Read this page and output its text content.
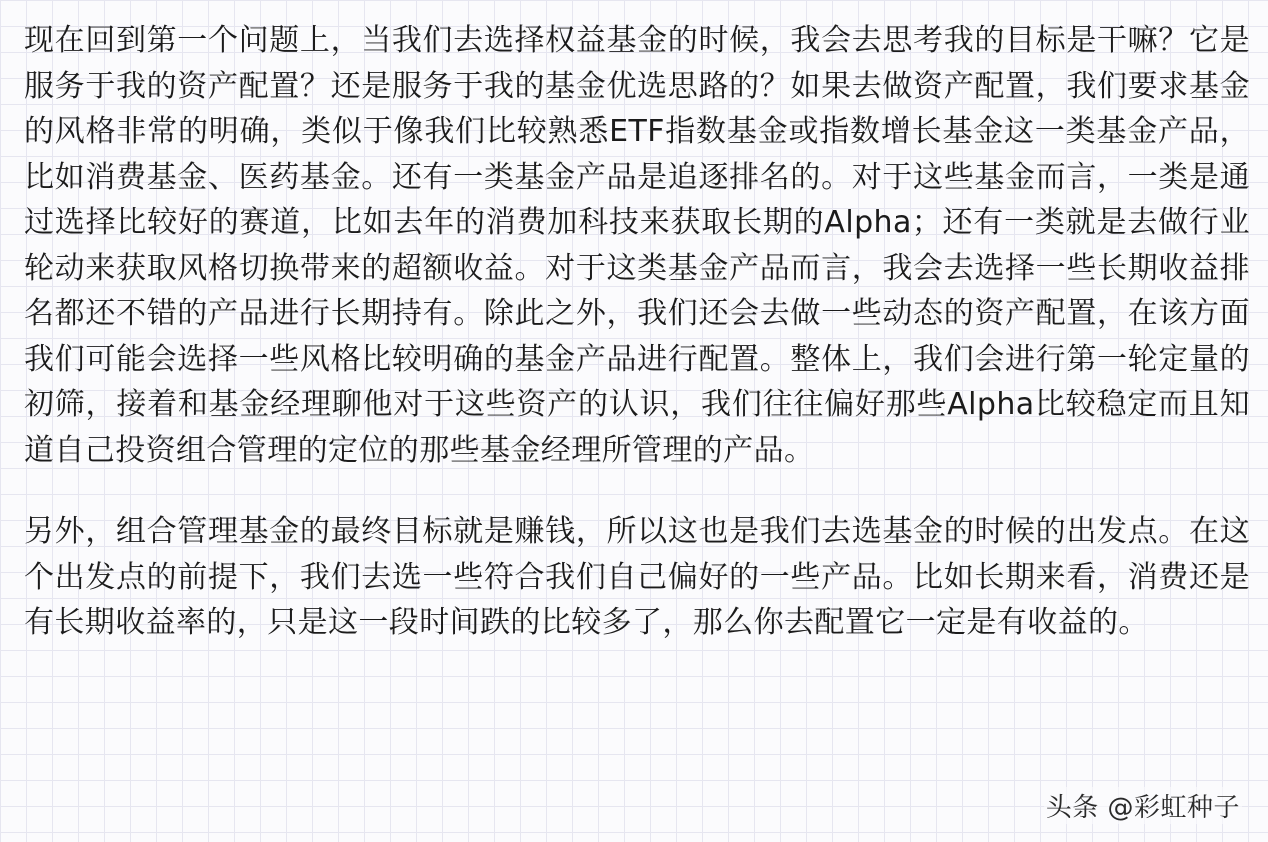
现在回到第一个问题上，当我们去选择权益基金的时候，我会去思考我的目标是干嘛？它是服务于我的资产配置？还是服务于我的基金优选思路的？如果去做资产配置，我们要求基金的风格非常的明确，类似于像我们比较熟悉ETF指数基金或指数增长基金这一类基金产品，比如消费基金、医药基金。还有一类基金产品是追逐排名的。对于这些基金而言，一类是通过选择比较好的赛道，比如去年的消费加科技来获取长期的Alpha；还有一类就是去做行业轮动来获取风格切换带来的超额收益。对于这类基金产品而言，我会去选择一些长期收益排名都还不错的产品进行长期持有。除此之外，我们还会去做一些动态的资产配置，在该方面我们可能会选择一些风格比较明确的基金产品进行配置。整体上，我们会进行第一轮定量的初筛，接着和基金经理聊他对于这些资产的认识，我们往往偏好那些Alpha比较稳定而且知道自己投资组合管理的定位的那些基金经理所管理的产品。

另外，组合管理基金的最终目标就是赚钱，所以这也是我们去选基金的时候的出发点。在这个出发点的前提下，我们去选一些符合我们自己偏好的一些产品。比如长期来看，消费还是有长期收益率的，只是这一段时间跌的比较多了，那么你去配置它一定是有收益的。

头条 @彩虹种子
